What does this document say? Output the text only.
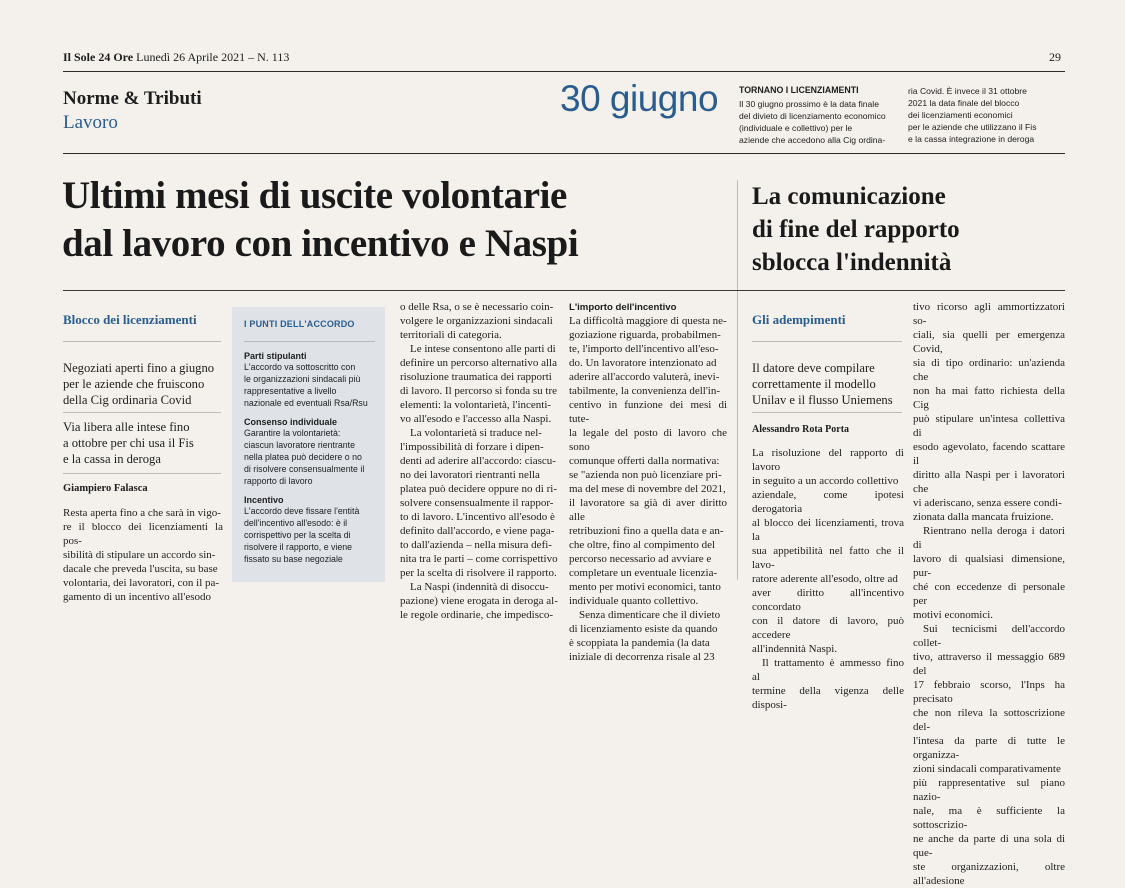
Il Sole 24 Ore Lunedì 26 Aprile 2021 – N. 113	29
Norme & Tributi
Lavoro
30 giugno TORNANO I LICENZIAMENTI
Il 30 giugno prossimo è la data finale
del divieto di licenziamento economico
(individuale e collettivo) per le
aziende che accedono alla Cig ordina-
ria Covid. È invece il 31 ottobre
2021 la data finale del blocco
dei licenziamenti economici
per le aziende che utilizzano il Fis
e la cassa integrazione in deroga
Ultimi mesi di uscite volontarie
dal lavoro con incentivo e Naspi
La comunicazione
di fine del rapporto
sblocca l'indennità
Blocco dei licenziamenti
Negoziati aperti fino a giugno
per le aziende che fruiscono
della Cig ordinaria Covid
Via libera alle intese fino
a ottobre per chi usa il Fis
e la cassa in deroga
Giampiero Falasca
Resta aperta fino a che sarà in vigo-
re il blocco dei licenziamenti la pos-
sibilità di stipulare un accordo sin-
dacale che preveda l'uscita, su base
volontaria, dei lavoratori, con il pa-
gamento di un incentivo all'esodo
I PUNTI DELL'ACCORDO
Parti stipulanti

L'accordo va sottoscritto con

le organizzazioni sindacali più

rappresentative a livello

nazionale ed eventuali Rsa/Rsu

Consenso individuale

Garantire la volontarietà:

ciascun lavoratore rientrante

nella platea può decidere o no

di risolvere consensualmente il

rapporto di lavoro

Incentivo

L'accordo deve fissare l'entità

dell'incentivo all'esodo: è il

corrispettivo per la scelta di

risolvere il rapporto, e viene

fissato su base negoziale

o delle Rsa, o se è necessario coin-
volgere le organizzazioni sindacali
territoriali di categoria.
Le intese consentono alle parti di
definire un percorso alternativo alla
risoluzione traumatica dei rapporti
di lavoro. Il percorso si fonda su tre
elementi: la volontarietà, l'incenti-
vo all'esodo e l'accesso alla Naspi.
La volontarietà si traduce nel-
l'impossibilità di forzare i dipen-
denti ad aderire all'accordo: ciascu-
no dei lavoratori rientranti nella
platea può decidere oppure no di ri-
solvere consensualmente il rappor-
to di lavoro. L'incentivo all'esodo è
definito dall'accordo, e viene paga-
to dall'azienda – nella misura defi-
nita tra le parti – come corrispettivo
per la scelta di risolvere il rapporto.
La Naspi (indennità di disoccu-
pazione) viene erogata in deroga al-
le regole ordinarie, che impedisco-
L'importo dell'incentivo
La difficoltà maggiore di questa ne-
goziazione riguarda, probabilmen-
te, l'importo dell'incentivo all'eso-
do. Un lavoratore intenzionato ad
aderire all'accordo valuterà, inevi-
tabilmente, la convenienza dell'in-
centivo in funzione dei mesi di tute-
la legale del posto di lavoro che sono
comunque offerti dalla normativa:
se "azienda non può licenziare pri-
ma del mese di novembre del 2021,
il lavoratore sa già di aver diritto alle
retribuzioni fino a quella data e an-
che oltre, fino al compimento del
percorso necessario ad avviare e
completare un eventuale licenzia-
mento per motivi economici, tanto
individuale quanto collettivo.
Senza dimenticare che il divieto
di licenziamento esiste da quando
è scoppiata la pandemia (la data
iniziale di decorrenza risale al 23
Gli adempimenti
Il datore deve compilare
correttamente il modello
Unilav e il flusso Uniemens
Alessandro Rota Porta
La risoluzione del rapporto di lavoro
in seguito a un accordo collettivo
aziendale, come ipotesi derogatoria
al blocco dei licenziamenti, trova la
sua appetibilità nel fatto che il lavo-
ratore aderente all'esodo, oltre ad
aver diritto all'incentivo concordato
con il datore di lavoro, può accedere
all'indennità Naspi.
Il trattamento è ammesso fino al
termine della vigenza delle disposi-
tivo ricorso agli ammortizzatori so-
ciali, sia quelli per emergenza Covid,
sia di tipo ordinario: un'azienda che
non ha mai fatto richiesta della Cig
può stipulare un'intesa collettiva di
esodo agevolato, facendo scattare il
diritto alla Naspi per i lavoratori che
vi aderiscano, senza essere condi-
zionata dalla mancata fruizione.
Rientrano nella deroga i datori di
lavoro di qualsiasi dimensione, pur-
ché con eccedenze di personale per
motivi economici.
Sui tecnicismi dell'accordo collet-
tivo, attraverso il messaggio 689 del
17 febbraio scorso, l'Inps ha precisato
che non rileva la sottoscrizione del-
l'intesa da parte di tutte le organizza-
zioni sindacali comparativamente
più rappresentative sul piano nazio-
nale, ma è sufficiente la sottoscrizio-
ne anche da parte di una sola di que-
ste organizzazioni, oltre all'adesione
